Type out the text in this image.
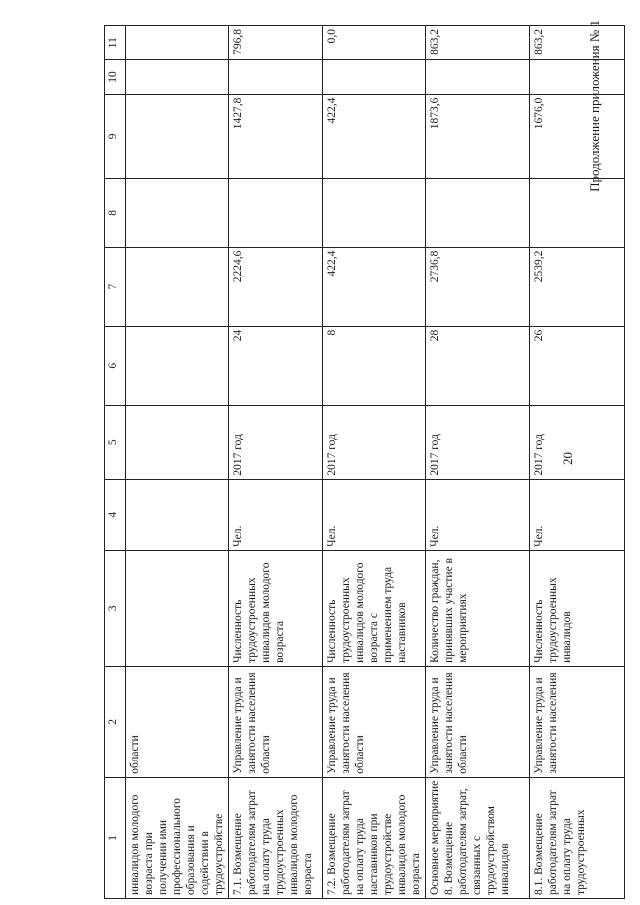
20
Продолжение приложения № 1
1	2	3	4	5	6	7	8	9	10	11
инвалидов молодого возраста при получении ими профессионального образования и содействии в трудоустройстве	области									
7.1. Возмещение работодателям затрат на оплату труда трудоустроенных инвалидов молодого возраста	Управление труда и занятости населения области	Численность трудоустроенных инвалидов молодого возраста	Чел.	2017 год	24	2224,6		1427,8		796,8
7.2. Возмещение работодателям затрат на оплату труда наставников при трудоустройстве инвалидов молодого возраста	Управление труда и занятости населения области	Численность трудоустроенных инвалидов молодого возраста с применением труда наставников	Чел.	2017 год	8	422,4		422,4		0,0
Основное мероприятие 8. Возмещение работодателям затрат, связанных с трудоустройством инвалидов	Управление труда и занятости населения области	Количество граждан, принявших участие в мероприятиях	Чел.	2017 год	28	2736,8		1873,6		863,2
8.1. Возмещение работодателям затрат на оплату труда трудоустроенных	Управление труда и занятости населения	Численность трудоустроенных инвалидов	Чел.	2017 год	26	2539,2		1676,0		863,2
